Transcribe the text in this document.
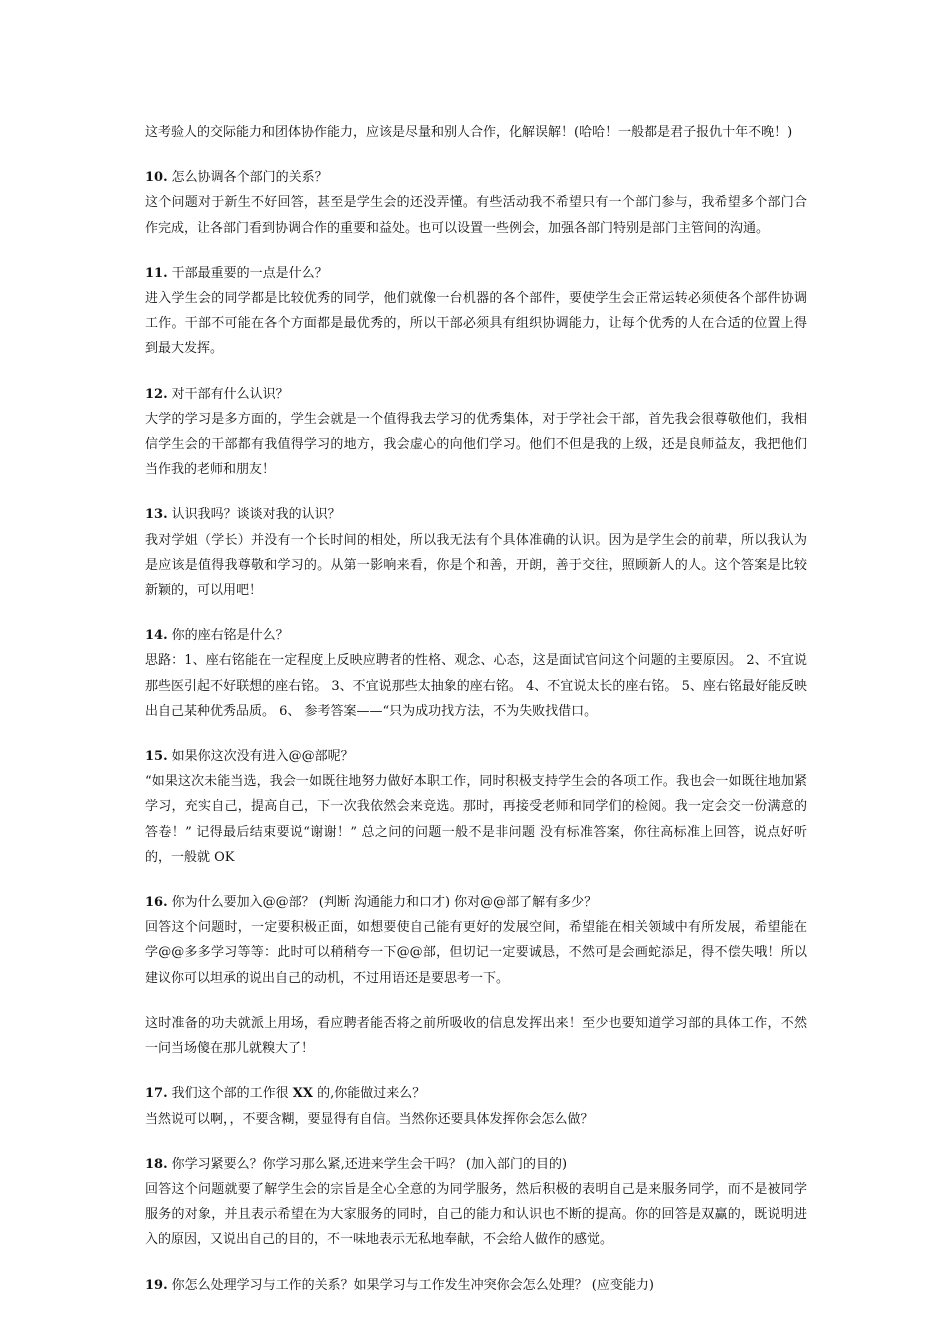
这考验人的交际能力和团体协作能力，应该是尽量和别人合作，化解误解！(哈哈！一般都是君子报仇十年不晚！)
10. 怎么协调各个部门的关系？
这个问题对于新生不好回答，甚至是学生会的还没弄懂。有些活动我不希望只有一个部门参与，我希望多个部门合作完成，让各部门看到协调合作的重要和益处。也可以设置一些例会，加强各部门特别是部门主管间的沟通。
11. 干部最重要的一点是什么？
进入学生会的同学都是比较优秀的同学，他们就像一台机器的各个部件，要使学生会正常运转必须使各个部件协调工作。干部不可能在各个方面都是最优秀的，所以干部必须具有组织协调能力，让每个优秀的人在合适的位置上得到最大发挥。
12. 对干部有什么认识？
大学的学习是多方面的，学生会就是一个值得我去学习的优秀集体，对于学社会干部，首先我会很尊敬他们，我相信学生会的干部都有我值得学习的地方，我会虚心的向他们学习。他们不但是我的上级，还是良师益友，我把他们当作我的老师和朋友！
13. 认识我吗？谈谈对我的认识？
我对学姐（学长）并没有一个长时间的相处，所以我无法有个具体准确的认识。因为是学生会的前辈，所以我认为是应该是值得我尊敬和学习的。从第一影响来看，你是个和善，开朗，善于交往，照顾新人的人。这个答案是比较新颖的，可以用吧！
14. 你的座右铭是什么？
思路：1、座右铭能在一定程度上反映应聘者的性格、观念、心态，这是面试官问这个问题的主要原因。 2、不宜说那些医引起不好联想的座右铭。 3、不宜说那些太抽象的座右铭。 4、不宜说太长的座右铭。 5、座右铭最好能反映出自己某种优秀品质。 6、 参考答案——“只为成功找方法，不为失败找借口。
15. 如果你这次没有进入@@部呢？
“如果这次未能当选，我会一如既往地努力做好本职工作，同时积极支持学生会的各项工作。我也会一如既往地加紧学习，充实自己，提高自己，下一次我依然会来竞选。那时，再接受老师和同学们的检阅。我一定会交一份满意的答卷！” 记得最后结束要说“谢谢！” 总之问的问题一般不是非问题 没有标准答案，你往高标准上回答，说点好听的，一般就 OK
16. 你为什么要加入@@部？ (判断 沟通能力和口才) 你对@@部了解有多少？
回答这个问题时，一定要积极正面，如想要使自己能有更好的发展空间，希望能在相关领域中有所发展，希望能在学@@多多学习等等：此时可以稍稍夸一下@@部，但切记一定要诚恳，不然可是会画蛇添足，得不偿失哦！所以建议你可以坦承的说出自己的动机，不过用语还是要思考一下。
这时准备的功夫就派上用场，看应聘者能否将之前所吸收的信息发挥出来！至少也要知道学习部的具体工作，不然一问当场傻在那儿就糗大了！
17. 我们这个部的工作很 XX 的,你能做过来么？
当然说可以啊，，不要含糊，要显得有自信。当然你还要具体发挥你会怎么做？
18. 你学习紧要么？你学习那么紧,还进来学生会干吗？ (加入部门的目的)
回答这个问题就要了解学生会的宗旨是全心全意的为同学服务，然后积极的表明自己是来服务同学，而不是被同学服务的对象，并且表示希望在为大家服务的同时，自己的能力和认识也不断的提高。你的回答是双赢的，既说明进入的原因，又说出自己的目的，不一味地表示无私地奉献，不会给人做作的感觉。
19. 你怎么处理学习与工作的关系？如果学习与工作发生冲突你会怎么处理？ (应变能力)
